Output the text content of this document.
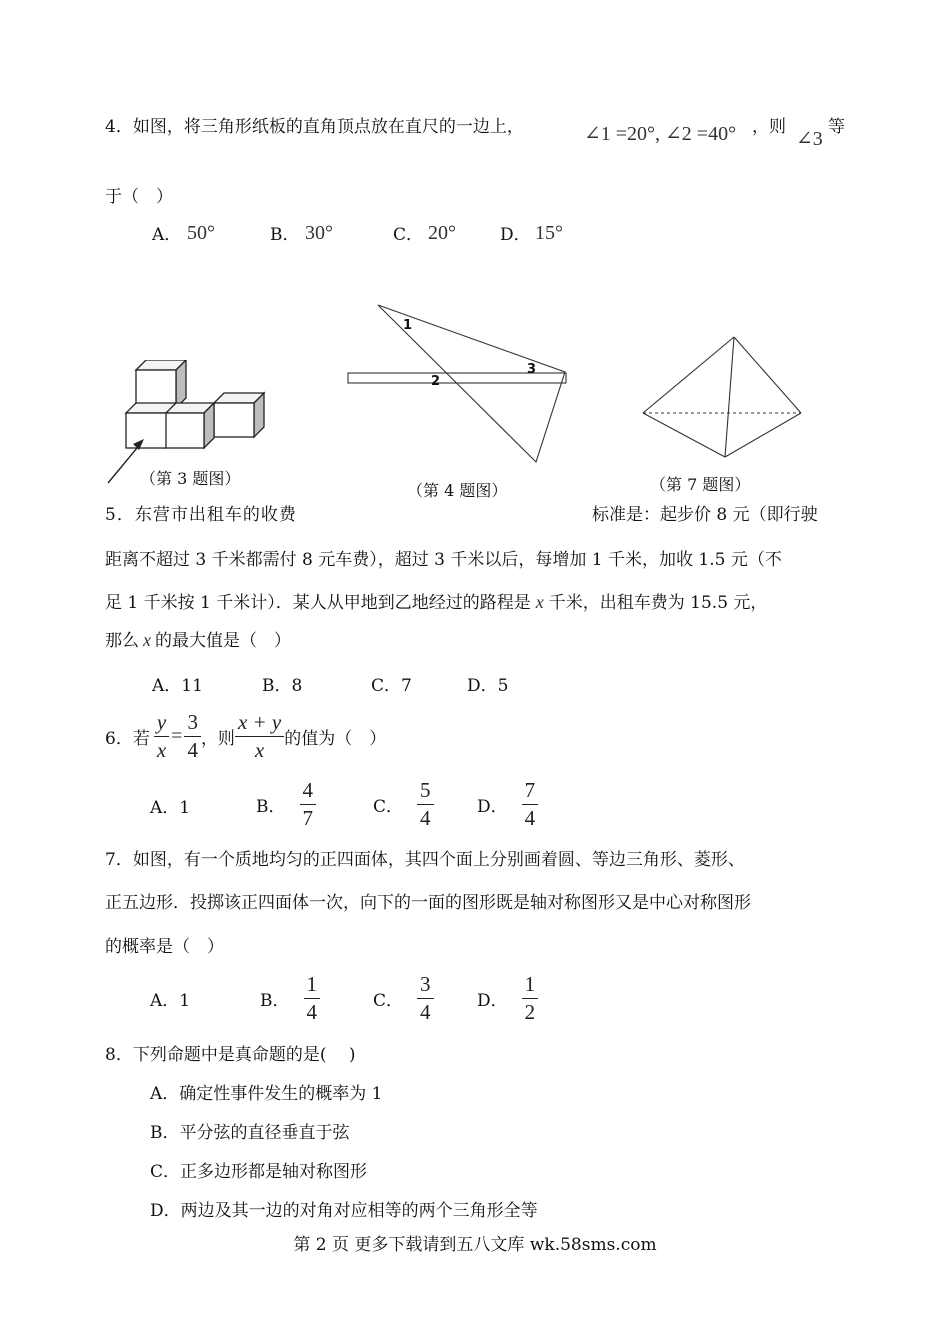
4．如图，将三角形纸板的直角顶点放在直尺的一边上，	∠1 =20°, ∠2 =40° ，则
∠3
等
于（　）
A． 50°	B． 30°	C． 20°	D． 15°
（第 3 题图）
1
2
3
（第 4 题图）	（第 7 题图）
5．东营市出租车的收费	标准是：起步价 8 元（即行驶
距离不超过 3 千米都需付 8 元车费），超过 3 千米以后，每增加 1 千米，加收 1.5 元（不
足 1 千米按 1 千米计）．某人从甲地到乙地经过的路程是 x 千米，出租车费为 15.5 元，
那么 x 的最大值是（　）
A．11	B．8	C．7	D．5
6．若 $\frac{y}{x} = \frac{3}{4}$ ，则 $\frac{x + y}{x}$ 的值为（　）
A．1	B． $\frac{4}{7}$	C． $\frac{5}{4}$	D． $\frac{7}{4}$
7．如图，有一个质地均匀的正四面体，其四个面上分别画着圆、等边三角形、菱形、
正五边形．投掷该正四面体一次，向下的一面的图形既是轴对称图形又是中心对称图形
的概率是（　）
A．1	B． $\frac{1}{4}$	C． $\frac{3}{4}$	D． $\frac{1}{2}$
8．下列命题中是真命题的是(　 )
A．确定性事件发生的概率为 1
B．平分弦的直径垂直于弦
C．正多边形都是轴对称图形
D．两边及其一边的对角对应相等的两个三角形全等
第 2 页 更多下载请到五八文库 wk.58sms.com
